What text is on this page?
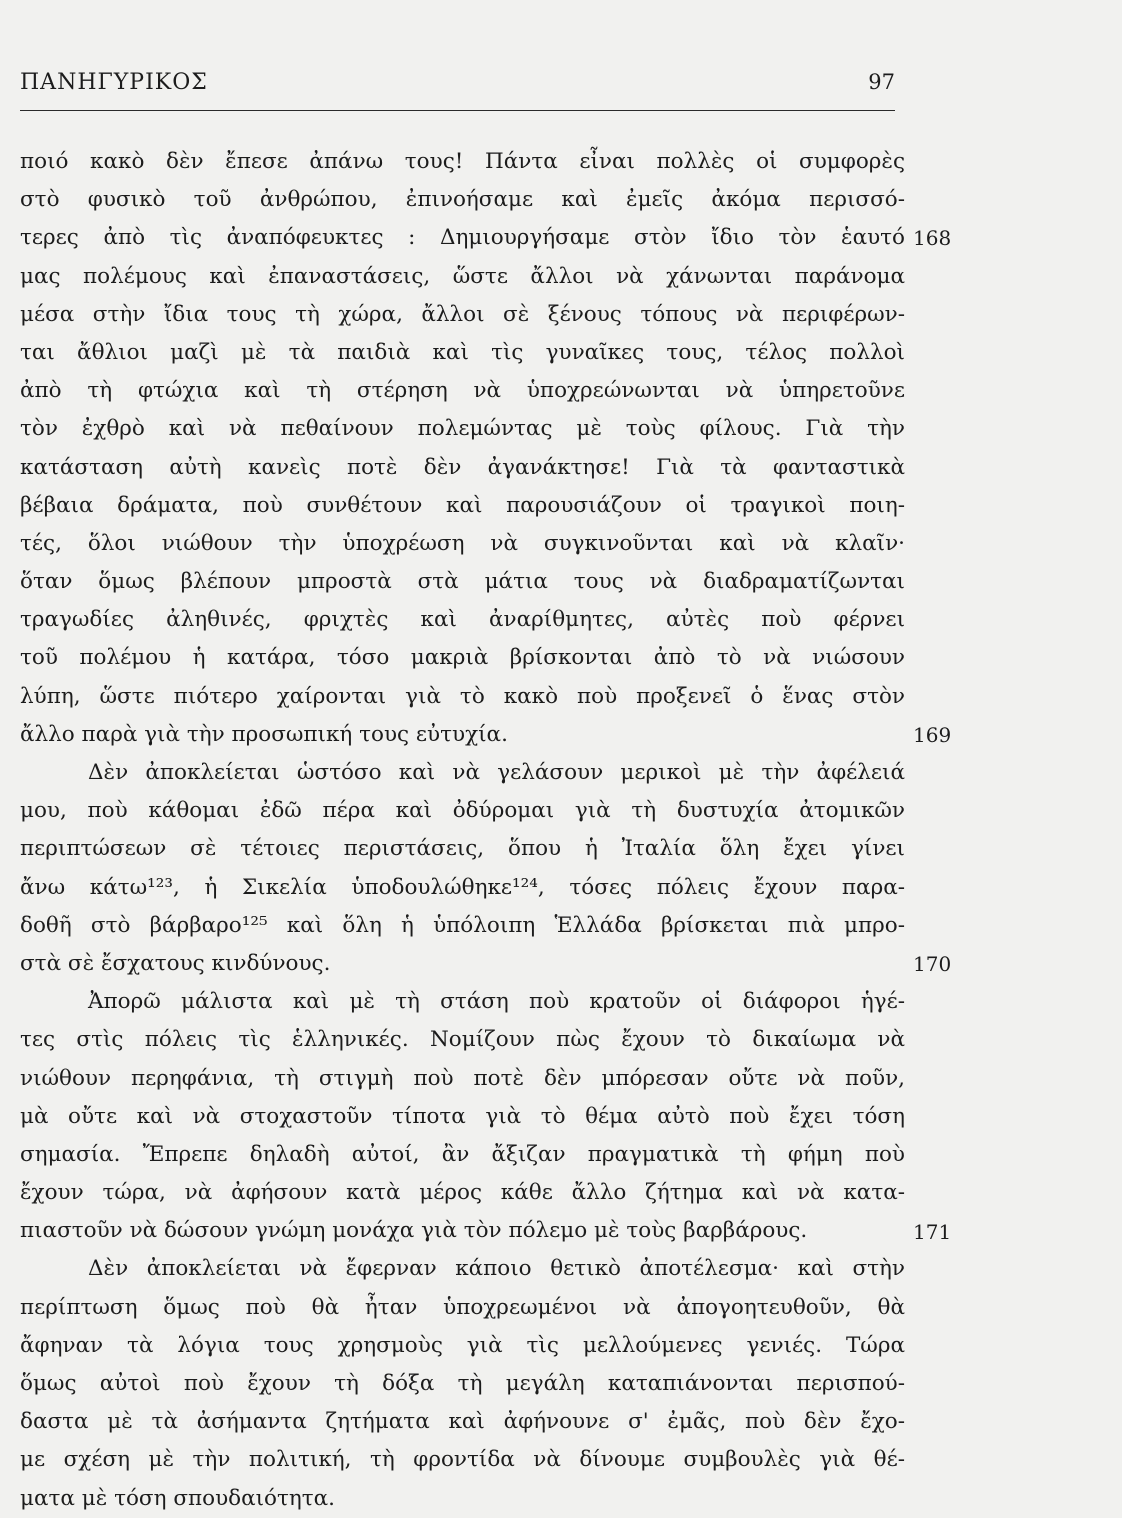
ΠΑΝΗΓΥΡΙΚΟΣ	97
ποιό κακὸ δὲν ἔπεσε ἀπάνω τους! Πάντα εἶναι πολλὲς οἱ συμφορὲς
στὸ φυσικὸ τοῦ ἀνθρώπου, ἐπινοήσαμε καὶ ἐμεῖς ἀκόμα περισσό-
τερες ἀπὸ τὶς ἀναπόφευκτες : Δημιουργήσαμε στὸν ἴδιο τὸν ἑαυτό
μας πολέμους καὶ ἐπαναστάσεις, ὥστε ἄλλοι νὰ χάνωνται παράνομα
μέσα στὴν ἴδια τους τὴ χώρα, ἄλλοι σὲ ξένους τόπους νὰ περιφέρων-
ται ἄθλιοι μαζὶ μὲ τὰ παιδιὰ καὶ τὶς γυναῖκες τους, τέλος πολλοὶ
ἀπὸ τὴ φτώχια καὶ τὴ στέρηση νὰ ὑποχρεώνωνται νὰ ὑπηρετοῦνε
τὸν ἐχθρὸ καὶ νὰ πεθαίνουν πολεμώντας μὲ τοὺς φίλους. Γιὰ τὴν
κατάσταση αὐτὴ κανεὶς ποτὲ δὲν ἀγανάκτησε! Γιὰ τὰ φανταστικὰ
βέβαια δράματα, ποὺ συνθέτουν καὶ παρουσιάζουν οἱ τραγικοὶ ποιη-
τές, ὅλοι νιώθουν τὴν ὑποχρέωση νὰ συγκινοῦνται καὶ νὰ κλαῖν·
ὅταν ὅμως βλέπουν μπροστὰ στὰ μάτια τους νὰ διαδραματίζωνται
τραγωδίες ἀληθινές, φριχτὲς καὶ ἀναρίθμητες, αὐτὲς ποὺ φέρνει
τοῦ πολέμου ἡ κατάρα, τόσο μακριὰ βρίσκονται ἀπὸ τὸ νὰ νιώσουν
λύπη, ὥστε πιότερο χαίρονται γιὰ τὸ κακὸ ποὺ προξενεῖ ὁ ἕνας στὸν
ἄλλο παρὰ γιὰ τὴν προσωπική τους εὐτυχία.
Δὲν ἀποκλείεται ὡστόσο καὶ νὰ γελάσουν μερικοὶ μὲ τὴν ἀφέλειά
μου, ποὺ κάθομαι ἐδῶ πέρα καὶ ὀδύρομαι γιὰ τὴ δυστυχία ἀτομικῶν
περιπτώσεων σὲ τέτοιες περιστάσεις, ὅπου ἡ Ἰταλία ὅλη ἔχει γίνει
ἄνω κάτω¹²³, ἡ Σικελία ὑποδουλώθηκε¹²⁴, τόσες πόλεις ἔχουν παρα-
δοθῆ στὸ βάρβαρο¹²⁵ καὶ ὅλη ἡ ὑπόλοιπη Ἑλλάδα βρίσκεται πιὰ μπρο-
στὰ σὲ ἔσχατους κινδύνους.
Ἀπορῶ μάλιστα καὶ μὲ τὴ στάση ποὺ κρατοῦν οἱ διάφοροι ἡγέ-
τες στὶς πόλεις τὶς ἑλληνικές. Νομίζουν πὼς ἔχουν τὸ δικαίωμα νὰ
νιώθουν περηφάνια, τὴ στιγμὴ ποὺ ποτὲ δὲν μπόρεσαν οὔτε νὰ ποῦν,
μὰ οὔτε καὶ νὰ στοχαστοῦν τίποτα γιὰ τὸ θέμα αὐτὸ ποὺ ἔχει τόση
σημασία. Ἔπρεπε δηλαδὴ αὐτοί, ἂν ἄξιζαν πραγματικὰ τὴ φήμη ποὺ
ἔχουν τώρα, νὰ ἀφήσουν κατὰ μέρος κάθε ἄλλο ζήτημα καὶ νὰ κατα-
πιαστοῦν νὰ δώσουν γνώμη μονάχα γιὰ τὸν πόλεμο μὲ τοὺς βαρβάρους.
Δὲν ἀποκλείεται νὰ ἔφερναν κάποιο θετικὸ ἀποτέλεσμα· καὶ στὴν
περίπτωση ὅμως ποὺ θὰ ἦταν ὑποχρεωμένοι νὰ ἀπογοητευθοῦν, θὰ
ἄφηναν τὰ λόγια τους χρησμοὺς γιὰ τὶς μελλούμενες γενιές. Τώρα
ὅμως αὐτοὶ ποὺ ἔχουν τὴ δόξα τὴ μεγάλη καταπιάνονται περισπού-
δαστα μὲ τὰ ἀσήμαντα ζητήματα καὶ ἀφήνουνε σ' ἐμᾶς, ποὺ δὲν ἔχο-
με σχέση μὲ τὴν πολιτική, τὴ φροντίδα νὰ δίνουμε συμβουλὲς γιὰ θέ-
ματα μὲ τόση σπουδαιότητα.
168
169
170
171
